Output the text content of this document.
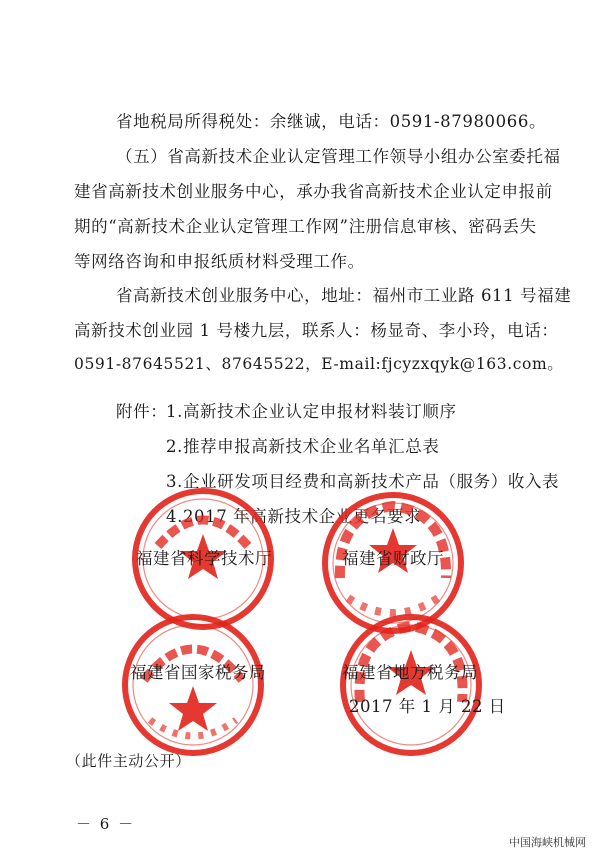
省地税局所得税处：余继诚，电话：0591-87980066。
（五）省高新技术企业认定管理工作领导小组办公室委托福
建省高新技术创业服务中心，承办我省高新技术企业认定申报前
期的“高新技术企业认定管理工作网”注册信息审核、密码丢失
等网络咨询和申报纸质材料受理工作。
省高新技术创业服务中心，地址：福州市工业路 611 号福建
高新技术创业园 1 号楼九层，联系人：杨显奇、李小玲，电话：
0591-87645521、87645522，E-mail:fjcyzxqyk@163.com。
附件：
1.高新技术企业认定申报材料装订顺序
2.推荐申报高新技术企业名单汇总表
3.企业研发项目经费和高新技术产品（服务）收入表
4.2017 年高新技术企业更名要求
福建省科学技术厅	福建省财政厅
福建省国家税务局	福建省地方税务局
2017 年 1 月 22 日
（此件主动公开）
－ 6 －
中国海峡机械网
